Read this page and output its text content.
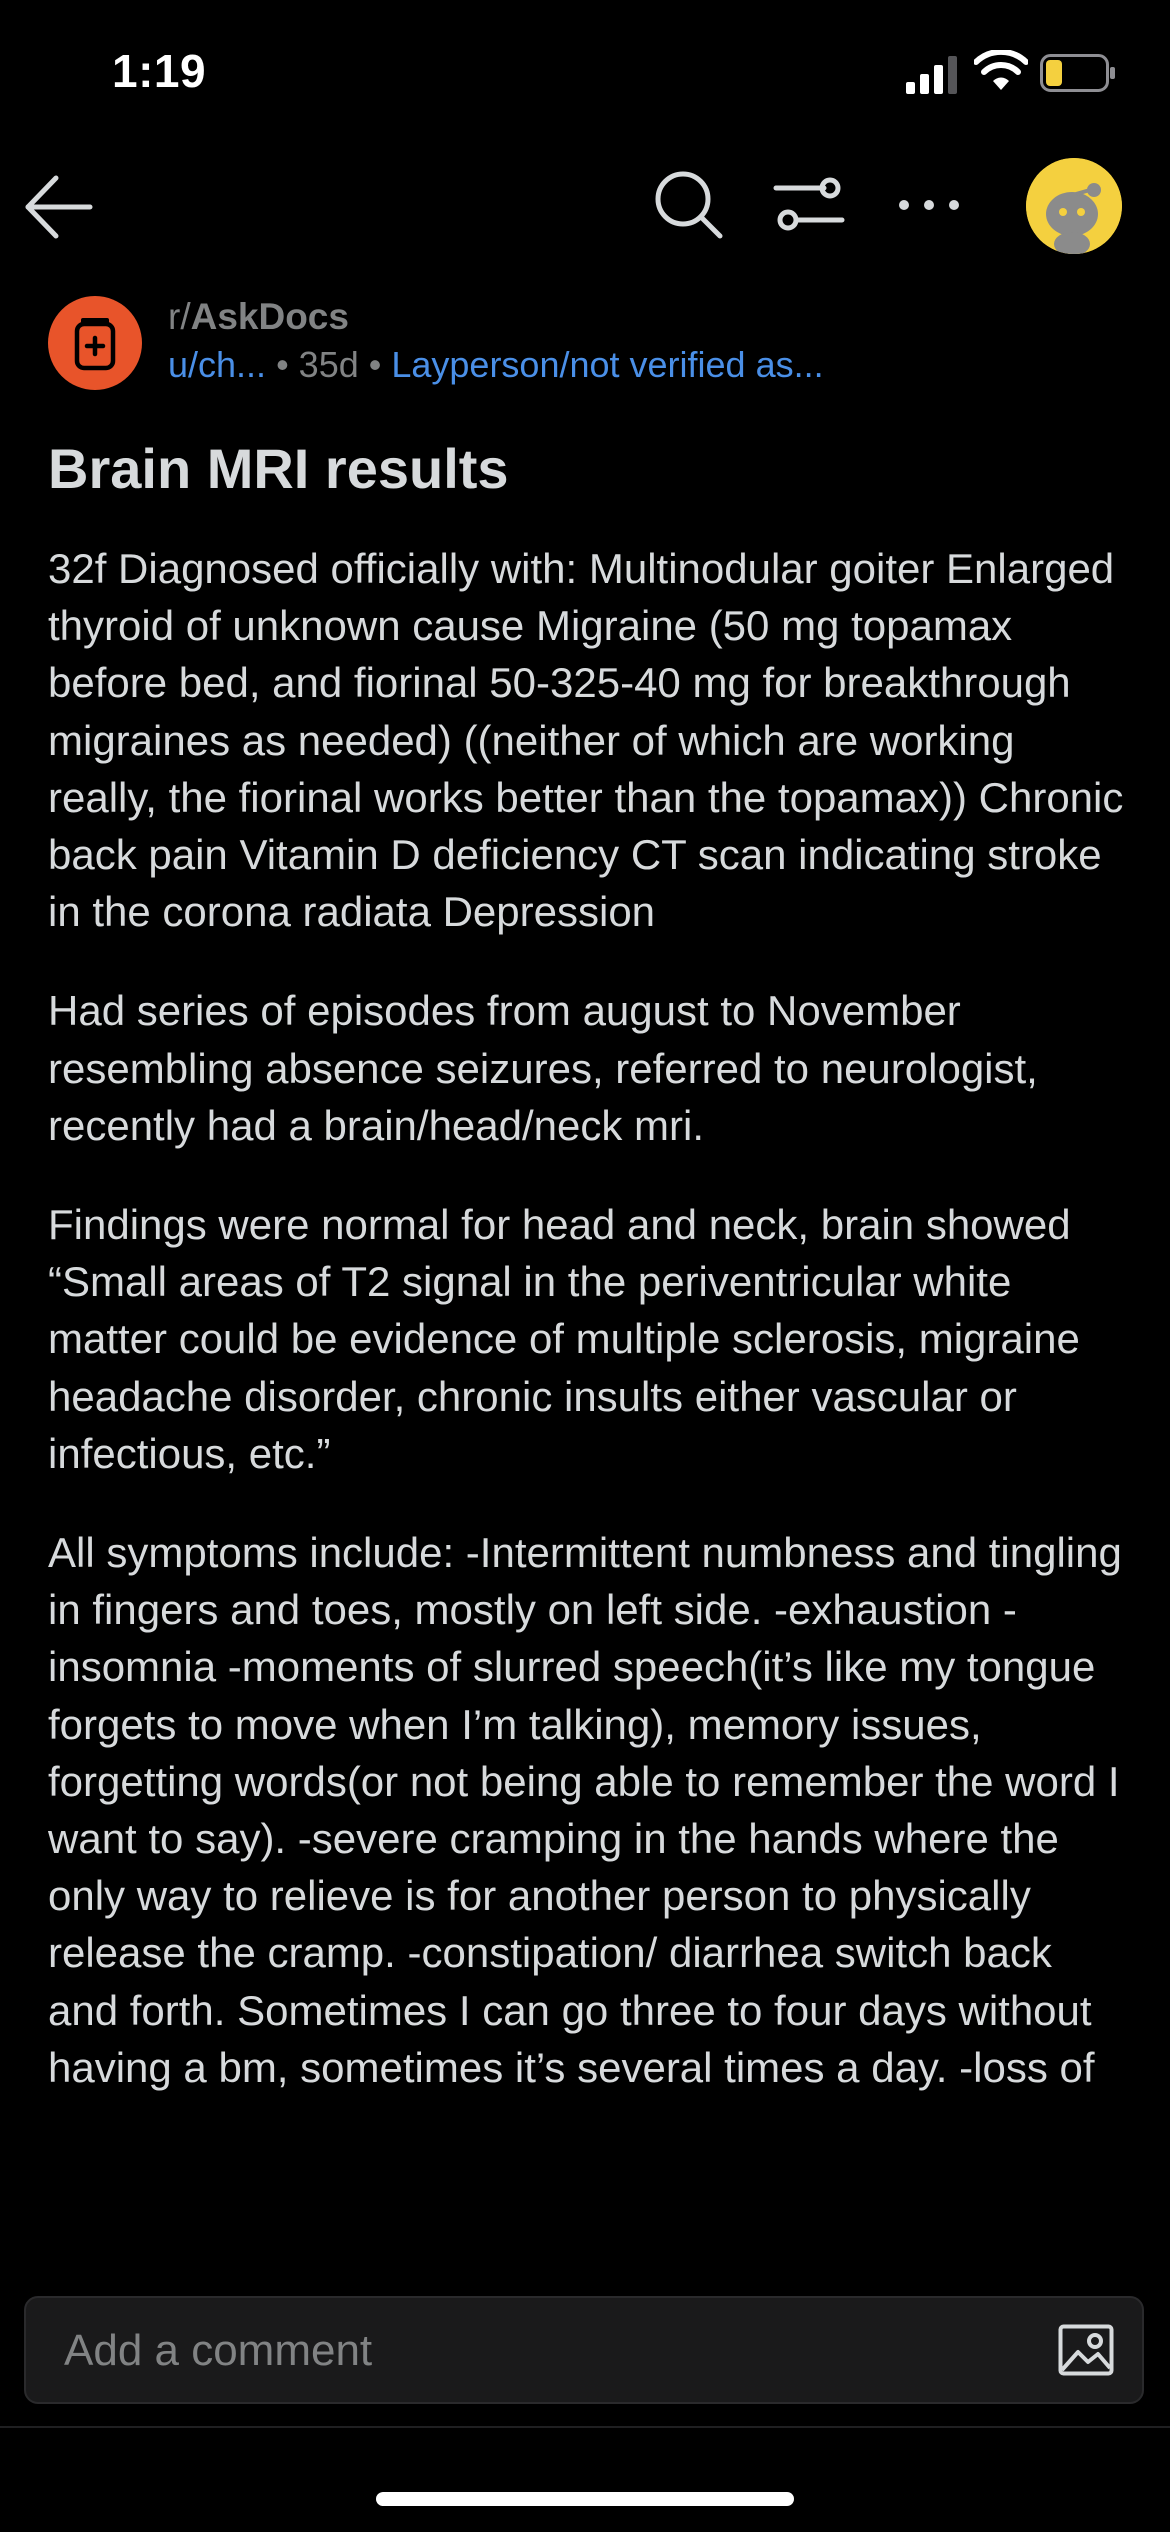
1:19
r/AskDocs
u/ch... • 35d • Layperson/not verified as...
Brain MRI results

32f Diagnosed officially with: Multinodular goiter Enlarged thyroid of unknown cause Migraine (50 mg topamax before bed, and fiorinal 50-325-40 mg for breakthrough migraines as needed) ((neither of which are working really, the fiorinal works better than the topamax)) Chronic back pain Vitamin D deficiency CT scan indicating stroke in the corona radiata Depression

Had series of episodes from august to November resembling absence seizures, referred to neurologist, recently had a brain/head/neck mri.

Findings were normal for head and neck, brain showed “Small areas of T2 signal in the periventricular white matter could be evidence of multiple sclerosis, migraine headache disorder, chronic insults either vascular or infectious, etc.”

All symptoms include: -Intermittent numbness and tingling in fingers and toes, mostly on left side. -exhaustion -insomnia -moments of slurred speech(it’s like my tongue forgets to move when I’m talking), memory issues, forgetting words(or not being able to remember the word I want to say). -severe cramping in the hands where the only way to relieve is for another person to physically release the cramp. -constipation/ diarrhea switch back and forth. Sometimes I can go three to four days without having a bm, sometimes it’s several times a day. -loss of

Add a comment
